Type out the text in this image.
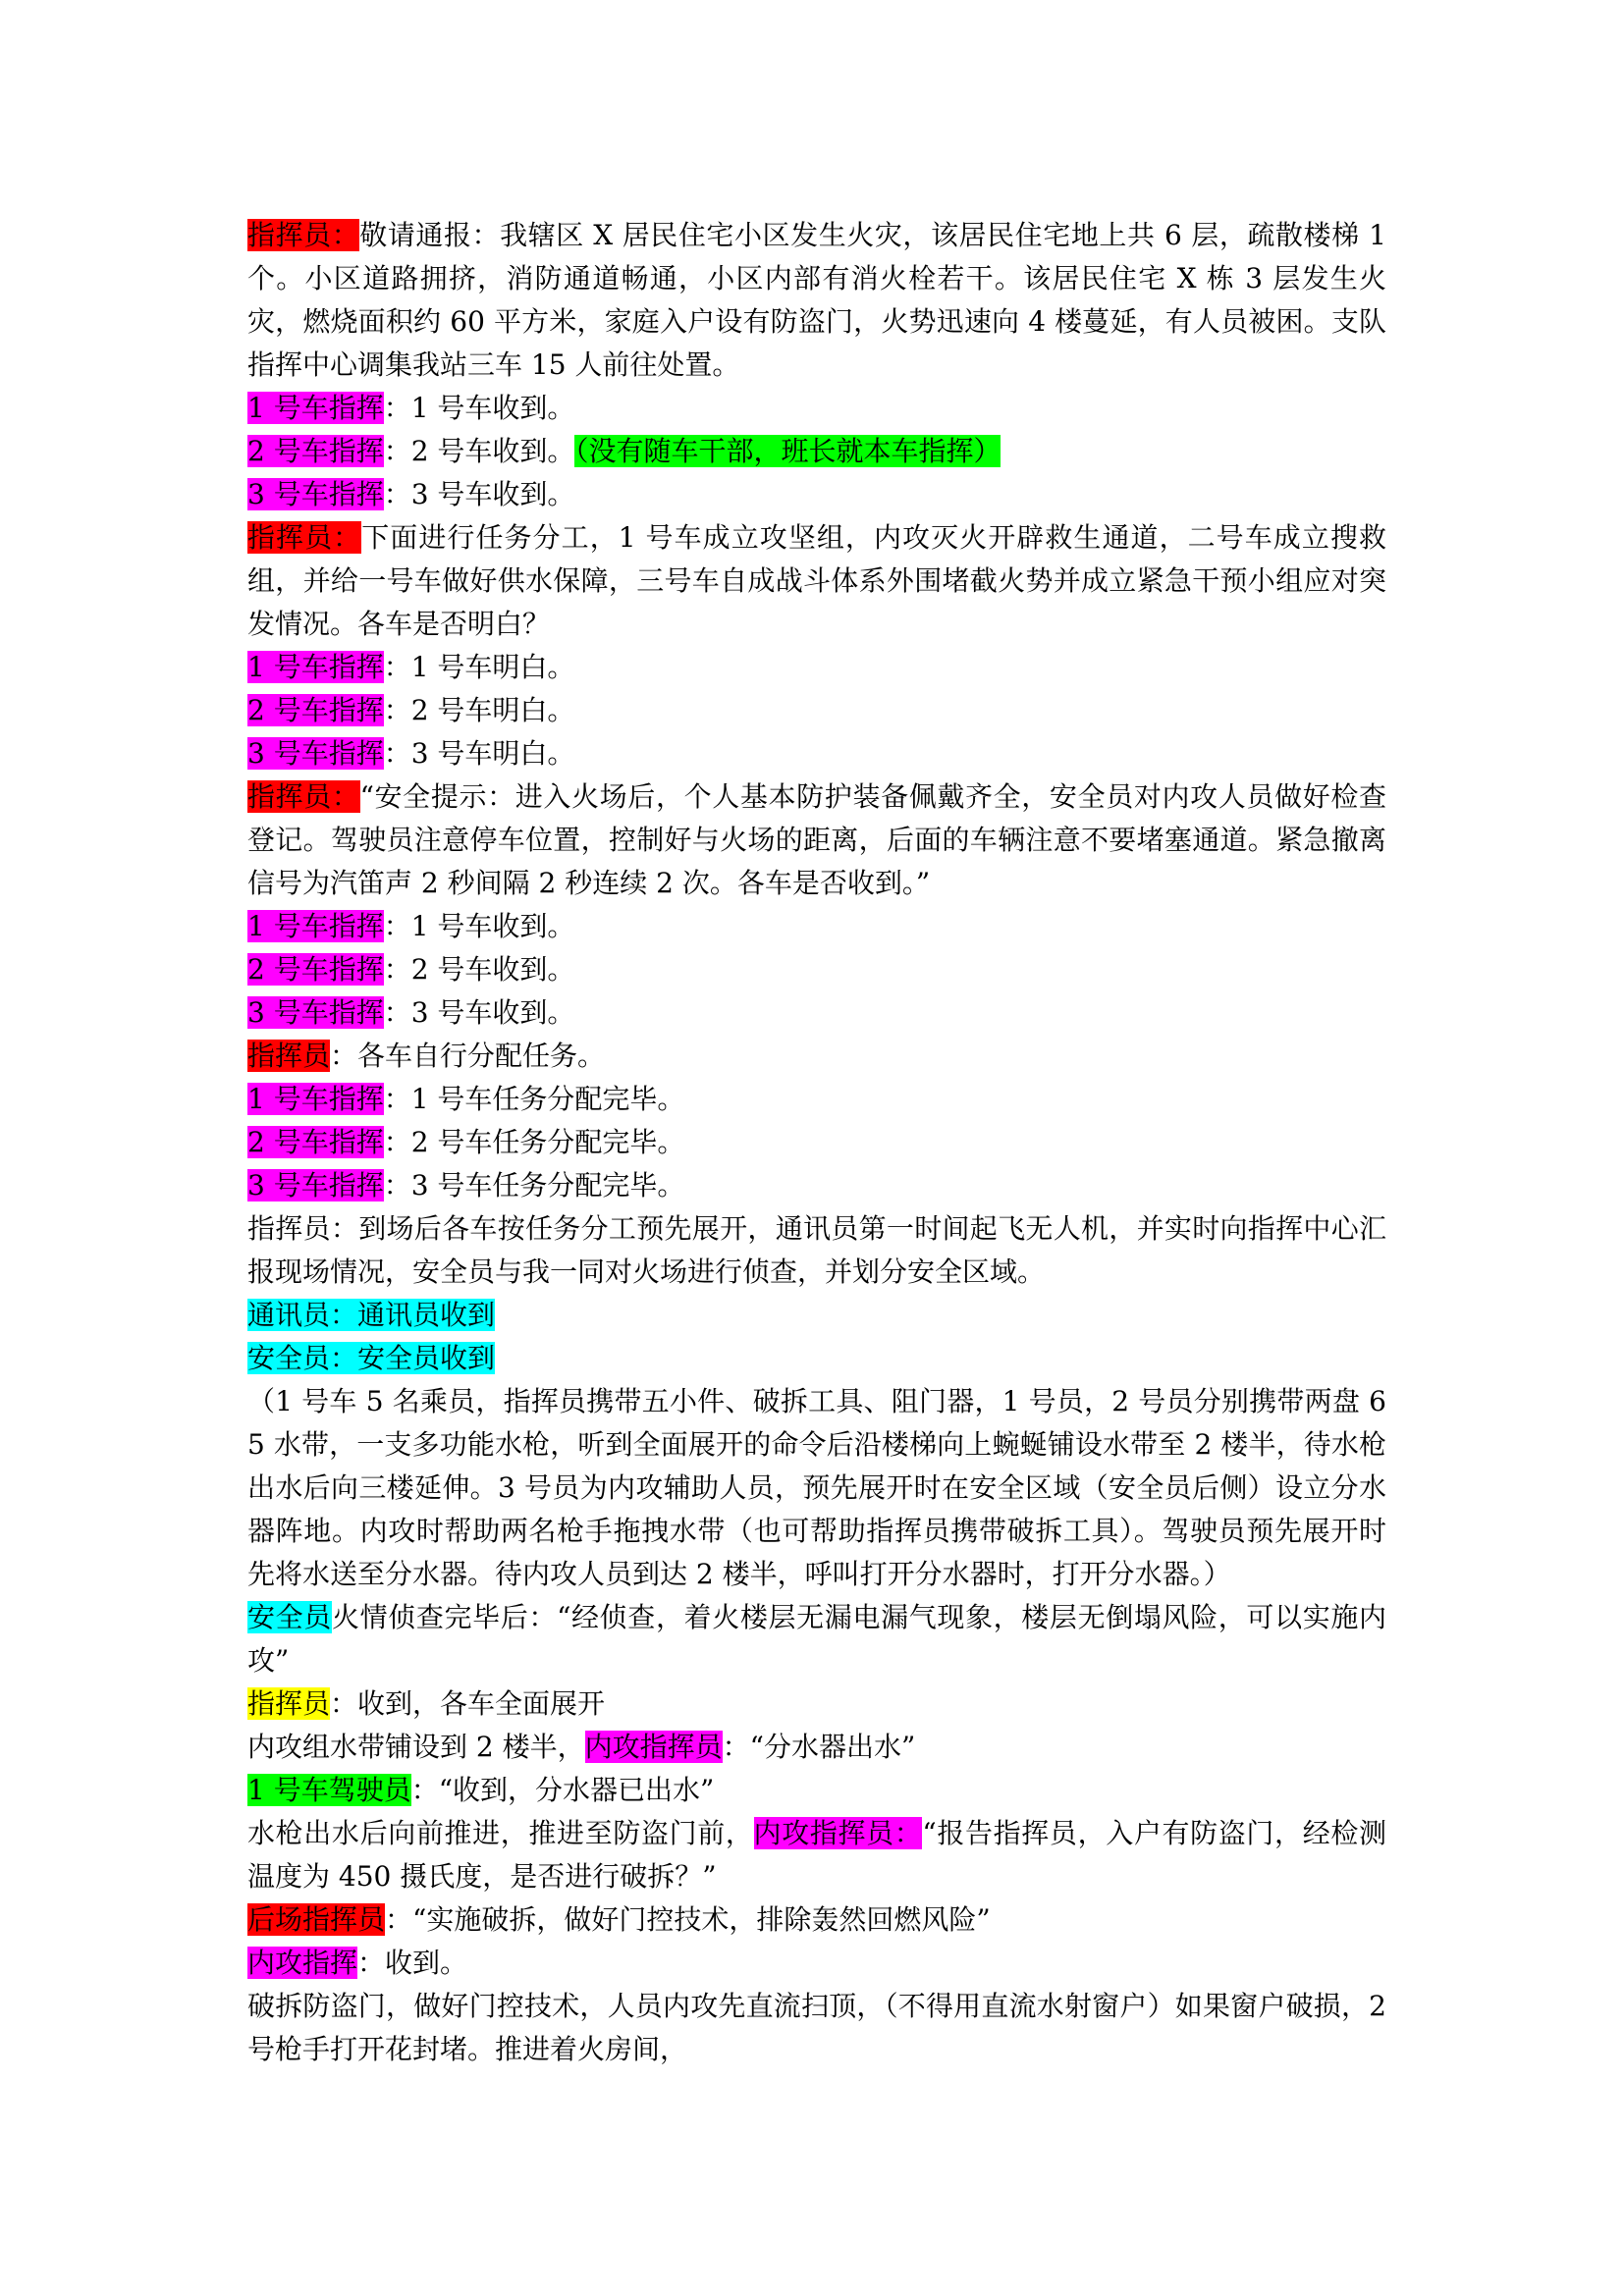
指挥员：敬请通报：我辖区 X 居民住宅小区发生火灾，该居民住宅地上共 6 层，疏散楼梯 1 个。小区道路拥挤，消防通道畅通，小区内部有消火栓若干。该居民住宅 X 栋 3 层发生火灾，燃烧面积约 60 平方米，家庭入户设有防盗门，火势迅速向 4 楼蔓延，有人员被困。支队指挥中心调集我站三车 15 人前往处置。

1 号车指挥：1 号车收到。

2 号车指挥：2 号车收到。（没有随车干部，班长就本车指挥）

3 号车指挥：3 号车收到。

指挥员：下面进行任务分工，1 号车成立攻坚组，内攻灭火开辟救生通道，二号车成立搜救组，并给一号车做好供水保障，三号车自成战斗体系外围堵截火势并成立紧急干预小组应对突发情况。各车是否明白？

1 号车指挥：1 号车明白。

2 号车指挥：2 号车明白。

3 号车指挥：3 号车明白。

指挥员：“安全提示：进入火场后，个人基本防护装备佩戴齐全，安全员对内攻人员做好检查登记。驾驶员注意停车位置，控制好与火场的距离，后面的车辆注意不要堵塞通道。紧急撤离信号为汽笛声 2 秒间隔 2 秒连续 2 次。各车是否收到。”

1 号车指挥：1 号车收到。

2 号车指挥：2 号车收到。

3 号车指挥：3 号车收到。

指挥员：各车自行分配任务。

1 号车指挥：1 号车任务分配完毕。

2 号车指挥：2 号车任务分配完毕。

3 号车指挥：3 号车任务分配完毕。

指挥员：到场后各车按任务分工预先展开，通讯员第一时间起飞无人机，并实时向指挥中心汇报现场情况，安全员与我一同对火场进行侦查，并划分安全区域。

通讯员：通讯员收到

安全员：安全员收到

（1 号车 5 名乘员，指挥员携带五小件、破拆工具、阻门器，1 号员，2 号员分别携带两盘 65 水带，一支多功能水枪，听到全面展开的命令后沿楼梯向上蜿蜒铺设水带至 2 楼半，待水枪出水后向三楼延伸。3 号员为内攻辅助人员，预先展开时在安全区域（安全员后侧）设立分水器阵地。内攻时帮助两名枪手拖拽水带（也可帮助指挥员携带破拆工具）。驾驶员预先展开时先将水送至分水器。待内攻人员到达 2 楼半，呼叫打开分水器时，打开分水器。）

安全员火情侦查完毕后：“经侦查，着火楼层无漏电漏气现象，楼层无倒塌风险，可以实施内攻”

指挥员：收到，各车全面展开

内攻组水带铺设到 2 楼半，内攻指挥员：“分水器出水”

1 号车驾驶员：“收到，分水器已出水”

水枪出水后向前推进，推进至防盗门前，内攻指挥员：“报告指挥员，入户有防盗门，经检测温度为 450 摄氏度，是否进行破拆？”

后场指挥员：“实施破拆，做好门控技术，排除轰然回燃风险”

内攻指挥：收到。

破拆防盗门，做好门控技术，人员内攻先直流扫顶，（不得用直流水射窗户）如果窗户破损，2 号枪手打开花封堵。推进着火房间，
